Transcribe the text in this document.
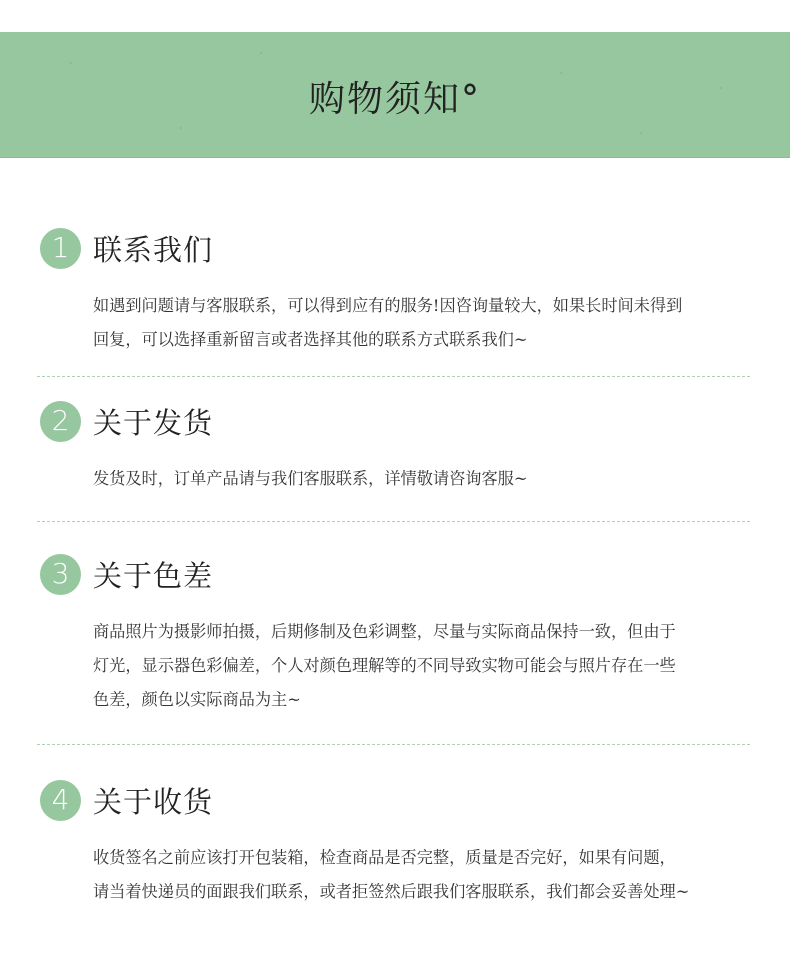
购物须知°
1 联系我们
如遇到问题请与客服联系，可以得到应有的服务!因咨询量较大，如果长时间未得到
回复，可以选择重新留言或者选择其他的联系方式联系我们~
2 关于发货
发货及时，订单产品请与我们客服联系，详情敬请咨询客服~
3 关于色差
商品照片为摄影师拍摄，后期修制及色彩调整，尽量与实际商品保持一致，但由于
灯光，显示器色彩偏差，个人对颜色理解等的不同导致实物可能会与照片存在一些
色差，颜色以实际商品为主~
4 关于收货
收货签名之前应该打开包装箱，检查商品是否完整，质量是否完好，如果有问题，
请当着快递员的面跟我们联系，或者拒签然后跟我们客服联系，我们都会妥善处理~
